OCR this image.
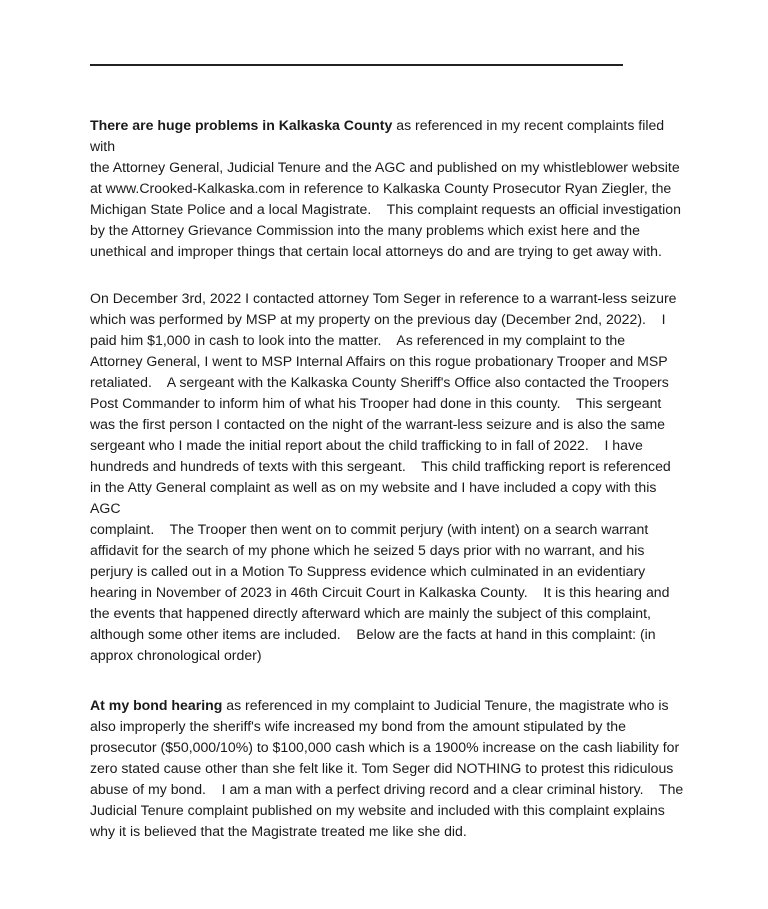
There are huge problems in Kalkaska County as referenced in my recent complaints filed with
the Attorney General, Judicial Tenure and the AGC and published on my whistleblower website
at www.Crooked-Kalkaska.com in reference to Kalkaska County Prosecutor Ryan Ziegler, the
Michigan State Police and a local Magistrate.    This complaint requests an official investigation
by the Attorney Grievance Commission into the many problems which exist here and the
unethical and improper things that certain local attorneys do and are trying to get away with.

On December 3rd, 2022 I contacted attorney Tom Seger in reference to a warrant-less seizure
which was performed by MSP at my property on the previous day (December 2nd, 2022).    I
paid him $1,000 in cash to look into the matter.    As referenced in my complaint to the
Attorney General, I went to MSP Internal Affairs on this rogue probationary Trooper and MSP
retaliated.    A sergeant with the Kalkaska County Sheriff's Office also contacted the Troopers
Post Commander to inform him of what his Trooper had done in this county.    This sergeant
was the first person I contacted on the night of the warrant-less seizure and is also the same
sergeant who I made the initial report about the child trafficking to in fall of 2022.    I have
hundreds and hundreds of texts with this sergeant.    This child trafficking report is referenced
in the Atty General complaint as well as on my website and I have included a copy with this AGC
complaint.    The Trooper then went on to commit perjury (with intent) on a search warrant
affidavit for the search of my phone which he seized 5 days prior with no warrant, and his
perjury is called out in a Motion To Suppress evidence which culminated in an evidentiary
hearing in November of 2023 in 46th Circuit Court in Kalkaska County.    It is this hearing and
the events that happened directly afterward which are mainly the subject of this complaint,
although some other items are included.    Below are the facts at hand in this complaint: (in
approx chronological order)

At my bond hearing as referenced in my complaint to Judicial Tenure, the magistrate who is
also improperly the sheriff's wife increased my bond from the amount stipulated by the
prosecutor ($50,000/10%) to $100,000 cash which is a 1900% increase on the cash liability for
zero stated cause other than she felt like it. Tom Seger did NOTHING to protest this ridiculous
abuse of my bond.    I am a man with a perfect driving record and a clear criminal history.    The
Judicial Tenure complaint published on my website and included with this complaint explains
why it is believed that the Magistrate treated me like she did.
